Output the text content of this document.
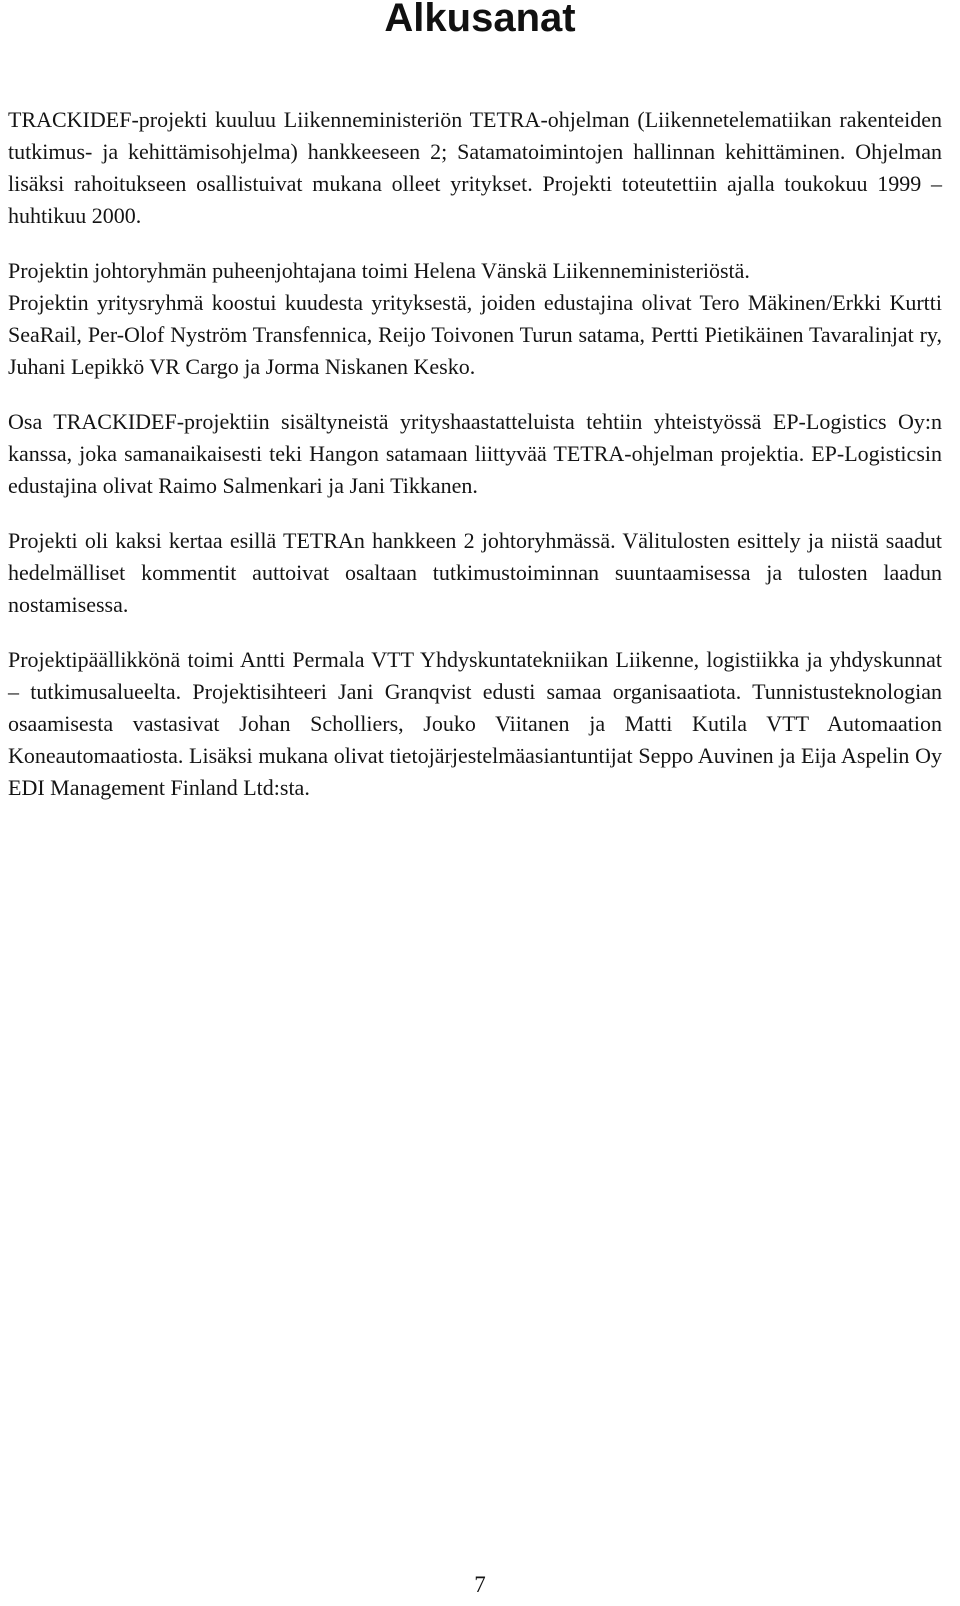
Alkusanat

TRACKIDEF-projekti kuuluu Liikenneministeriön TETRA-ohjelman (Liikennetelematiikan rakenteiden tutkimus- ja kehittämisohjelma) hankkeeseen 2; Satamatoimintojen hallinnan kehittäminen. Ohjelman lisäksi rahoitukseen osallistuivat mukana olleet yritykset. Projekti toteutettiin ajalla toukokuu 1999 – huhtikuu 2000.

Projektin johtoryhmän puheenjohtajana toimi Helena Vänskä Liikenneministeriöstä.

Projektin yritysryhmä koostui kuudesta yrityksestä, joiden edustajina olivat Tero Mäkinen/Erkki Kurtti SeaRail, Per-Olof Nyström Transfennica, Reijo Toivonen Turun satama, Pertti Pietikäinen Tavaralinjat ry, Juhani Lepikkö VR Cargo ja Jorma Niskanen Kesko.

Osa TRACKIDEF-projektiin sisältyneistä yrityshaastatteluista tehtiin yhteistyössä EP-Logistics Oy:n kanssa, joka samanaikaisesti teki Hangon satamaan liittyvää TETRA-ohjelman projektia. EP-Logisticsin edustajina olivat Raimo Salmenkari ja Jani Tikkanen.

Projekti oli kaksi kertaa esillä TETRAn hankkeen 2 johtoryhmässä. Välitulosten esittely ja niistä saadut hedelmälliset kommentit auttoivat osaltaan tutkimustoiminnan suuntaamisessa ja tulosten laadun nostamisessa.

Projektipäällikkönä toimi Antti Permala VTT Yhdyskuntatekniikan Liikenne, logistiikka ja yhdyskunnat – tutkimusalueelta. Projektisihteeri Jani Granqvist edusti samaa organisaatiota. Tunnistusteknologian osaamisesta vastasivat Johan Scholliers, Jouko Viitanen ja Matti Kutila VTT Automaation Koneautomaatiosta. Lisäksi mukana olivat tietojärjestelmäasiantuntijat Seppo Auvinen ja Eija Aspelin Oy EDI Management Finland Ltd:sta.

7
